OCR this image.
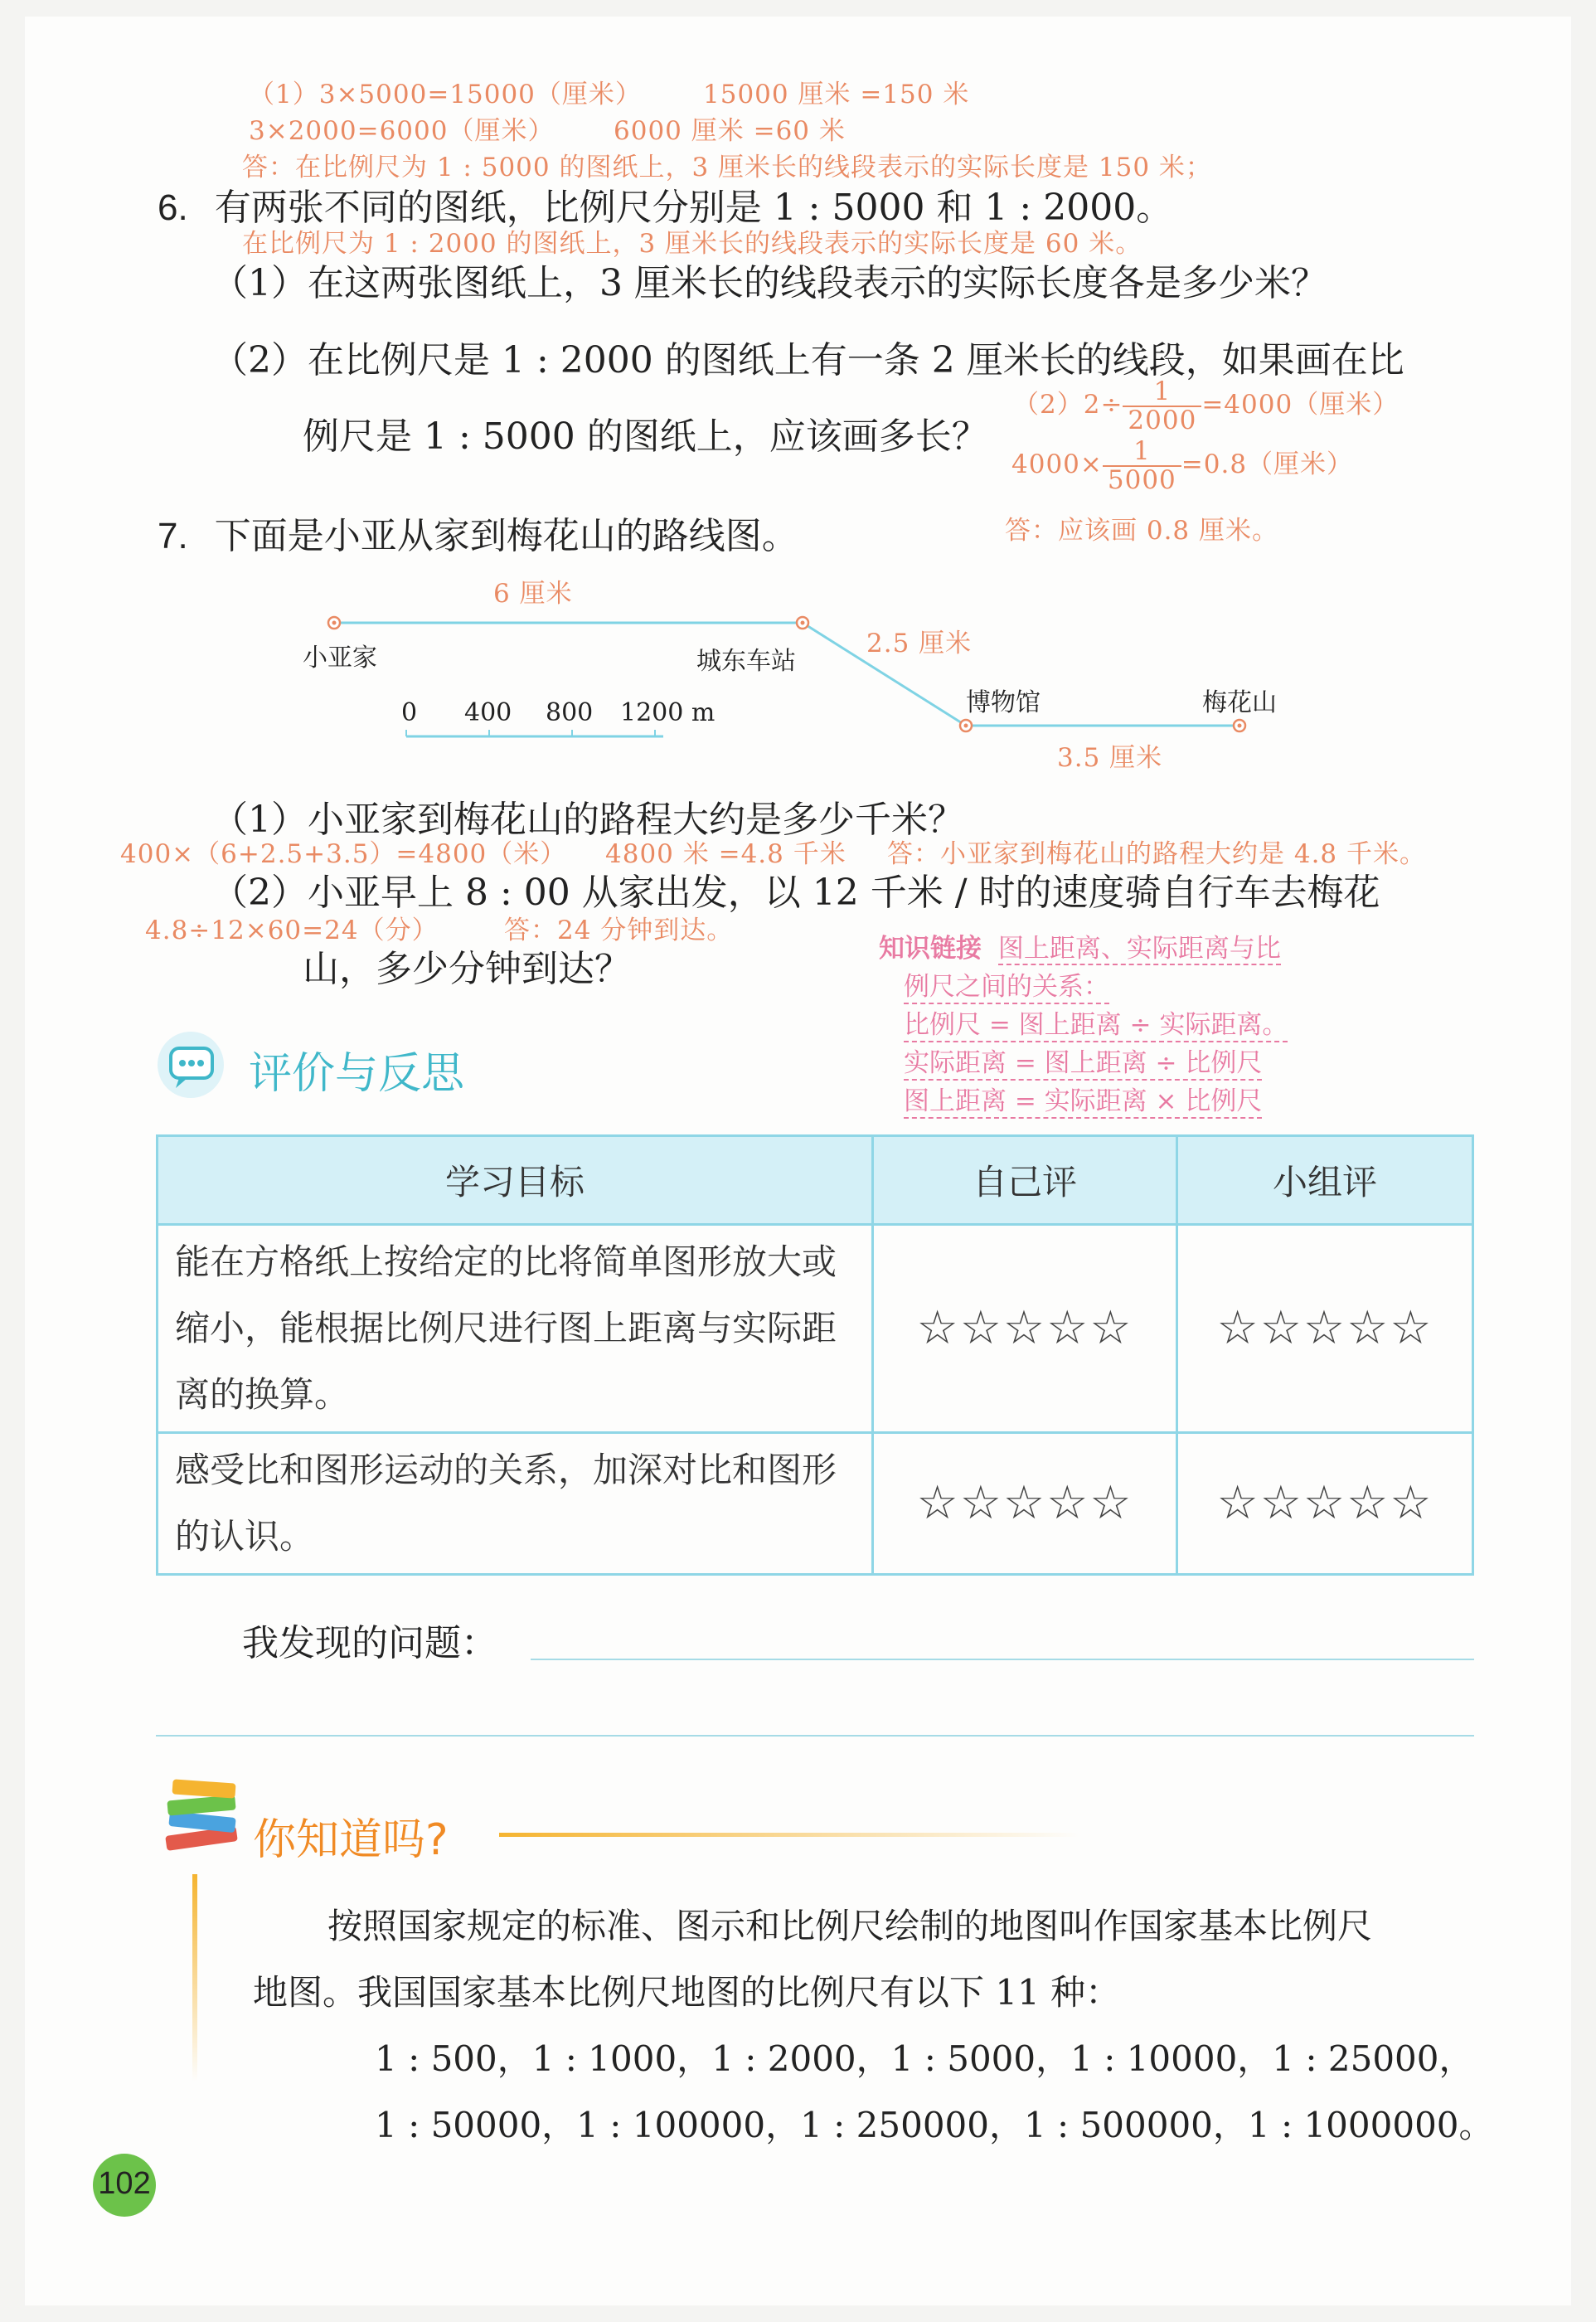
（1）3×5000=15000（厘米） 15000 厘米 =150 米
3×2000=6000（厘米） 6000 厘米 =60 米
答：在比例尺为 1 : 5000 的图纸上，3 厘米长的线段表示的实际长度是 150 米；
6. 有两张不同的图纸，比例尺分别是 1 : 5000 和 1 : 2000。
在比例尺为 1 : 2000 的图纸上，3 厘米长的线段表示的实际长度是 60 米。
（1）在这两张图纸上，3 厘米长的线段表示的实际长度各是多少米？
（2）在比例尺是 1 : 2000 的图纸上有一条 2 厘米长的线段，如果画在比
例尺是 1 : 5000 的图纸上，应该画多长？
$(2)2\div \frac{1}{2000} =4000$（厘米）
$4000\times \frac{1}{5000} =0.8$（厘米）
答：应该画 0.8 厘米。
7. 下面是小亚从家到梅花山的路线图。
6 厘米
2.5 厘米
3.5 厘米
小亚家	城东车站
博物馆	梅花山
0 400 800 1200 m
（1）小亚家到梅花山的路程大约是多少千米？
400×（6+2.5+3.5）=4800（米） 4800 米 =4.8 千米 答：小亚家到梅花山的路程大约是 4.8 千米。
（2）小亚早上 8 : 00 从家出发，以 12 千米 / 时的速度骑自行车去梅花
4.8÷12×60=24（分）	答：24 分钟到达。
山，多少分钟到达？	知识链接 图上距离、实际距离与比
例尺之间的关系：
比例尺 = 图上距离 ÷ 实际距离。
实际距离 = 图上距离 ÷ 比例尺
图上距离 = 实际距离 × 比例尺
评价与反思
学习目标	自己评	小组评
能在方格纸上按给定的比将简单图形放大或缩小，能根据比例尺进行图上距离与实际距离的换算。	☆☆☆☆☆	☆☆☆☆☆
感受比和图形运动的关系，加深对比和图形的认识。	☆☆☆☆☆	☆☆☆☆☆
我发现的问题：
你知道吗?
按照国家规定的标准、图示和比例尺绘制的地图叫作国家基本比例尺
地图。我国国家基本比例尺地图的比例尺有以下 11 种：
1 : 500，1 : 1000，1 : 2000，1 : 5000，1 : 10000，1 : 25000，
1 : 50000，1 : 100000，1 : 250000，1 : 500000，1 : 1000000。
102
